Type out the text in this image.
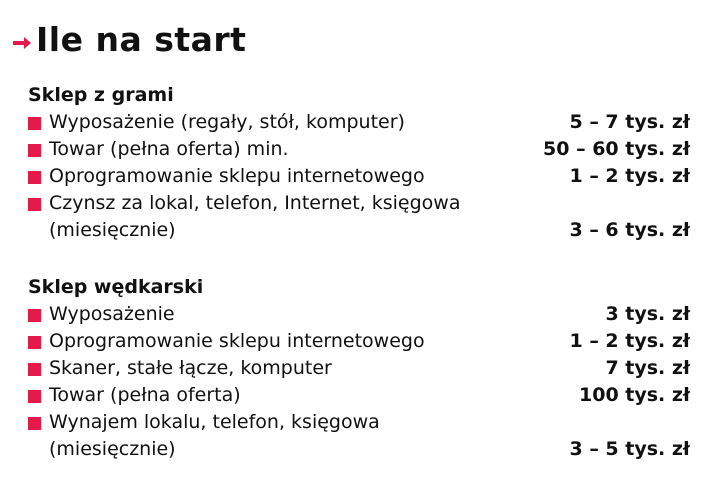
Ile na start
Sklep z grami
Wyposażenie (regały, stół, komputer)	5 – 7 tys. zł
Towar (pełna oferta) min.	50 – 60 tys. zł
Oprogramowanie sklepu internetowego	1 – 2 tys. zł
Czynsz za lokal, telefon, Internet, księgowa
(miesięcznie)	3 – 6 tys. zł
Sklep wędkarski
Wyposażenie	3 tys. zł
Oprogramowanie sklepu internetowego	1 – 2 tys. zł
Skaner, stałe łącze, komputer	7 tys. zł
Towar (pełna oferta)	100 tys. zł
Wynajem lokalu, telefon, księgowa
(miesięcznie)	3 – 5 tys. zł
